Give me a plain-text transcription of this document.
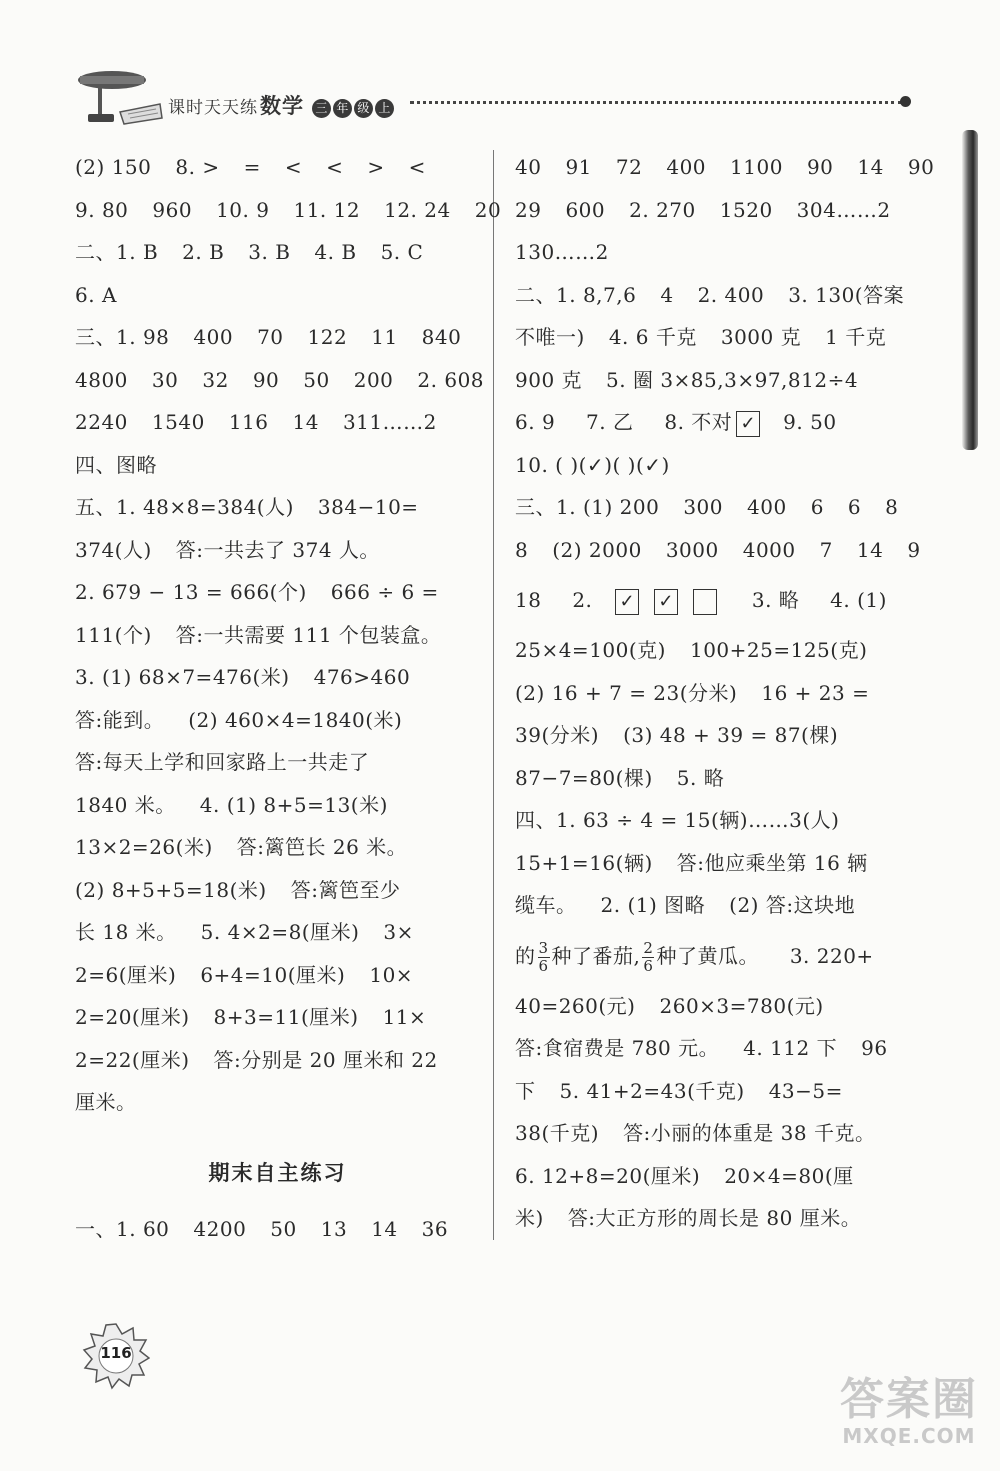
课时天天练数学 三 年 级 上
(2) 150 8. > = < < > <
9. 80 960 10. 9 11. 12 12. 24 20
二、1. B 2. B 3. B 4. B 5. C
6. A
三、1. 98 400 70 122 11 840
4800 30 32 90 50 200 2. 608
2240 1540 116 14 311……2
四、图略
五、1. 48×8=384(人) 384−10=
374(人) 答:一共去了 374 人。
2. 679 − 13 = 666(个) 666 ÷ 6 =
111(个) 答:一共需要 111 个包装盒。
3. (1) 68×7=476(米) 476>460
答:能到。 (2) 460×4=1840(米)
答:每天上学和回家路上一共走了
1840 米。 4. (1) 8+5=13(米)
13×2=26(米) 答:篱笆长 26 米。
(2) 8+5+5=18(米) 答:篱笆至少
长 18 米。 5. 4×2=8(厘米) 3×
2=6(厘米) 6+4=10(厘米) 10×
2=20(厘米) 8+3=11(厘米) 11×
2=22(厘米) 答:分别是 20 厘米和 22
厘米。
期末自主练习
一、1. 60 4200 50 13 14 36
40 91 72 400 1100 90 14 90
29 600 2. 270 1520 304……2
130……2
二、1. 8,7,6 4 2. 400 3. 130(答案
不唯一) 4. 6 千克 3000 克 1 千克
900 克 5. 圈 3×85,3×97,812÷4
6. 9 7. 乙 8. 不对 ✓ 9. 50
10. ( )(✓)( )(✓)
三、1. (1) 200 300 400 6 6 8
8 (2) 2000 3000 4000 7 14 9
18 2. ✓ ✓	3. 略 4. (1)
25×4=100(克) 100+25=125(克)
(2) 16 + 7 = 23(分米) 16 + 23 =
39(分米) (3) 48 + 39 = 87(棵)
87−7=80(棵) 5. 略
四、1. 63 ÷ 4 = 15(辆)……3(人)
15+1=16(辆) 答:他应乘坐第 16 辆
缆车。 2. (1) 图略 (2) 答:这块地
的 $\frac{3}{6}$ 种了番茄, $\frac{2}{6}$ 种了黄瓜。 3. 220+
40=260(元) 260×3=780(元)
答:食宿费是 780 元。 4. 112 下 96
下 5. 41+2=43(千克) 43−5=
38(千克) 答:小丽的体重是 38 千克。
6. 12+8=20(厘米) 20×4=80(厘
米) 答:大正方形的周长是 80 厘米。
116
答案圈
MXQE.COM
